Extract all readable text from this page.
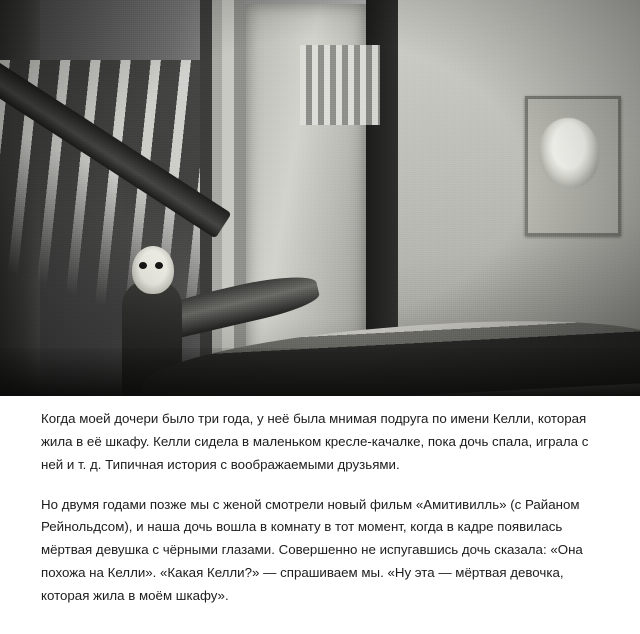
Когда моей дочери было три года, у неё была мнимая подруга по имени Келли, которая жила в её шкафу. Келли сидела в маленьком кресле-качалке, пока дочь спала, играла с ней и т. д. Типичная история с воображаемыми друзьями.

Но двумя годами позже мы с женой смотрели новый фильм «Амитивилль» (с Райаном Рейнольдсом), и наша дочь вошла в комнату в тот момент, когда в кадре появилась мёртвая девушка с чёрными глазами. Совершенно не испугавшись дочь сказала: «Она похожа на Келли». «Какая Келли?» — спрашиваем мы. «Ну эта — мёртвая девочка, которая жила в моём шкафу».
